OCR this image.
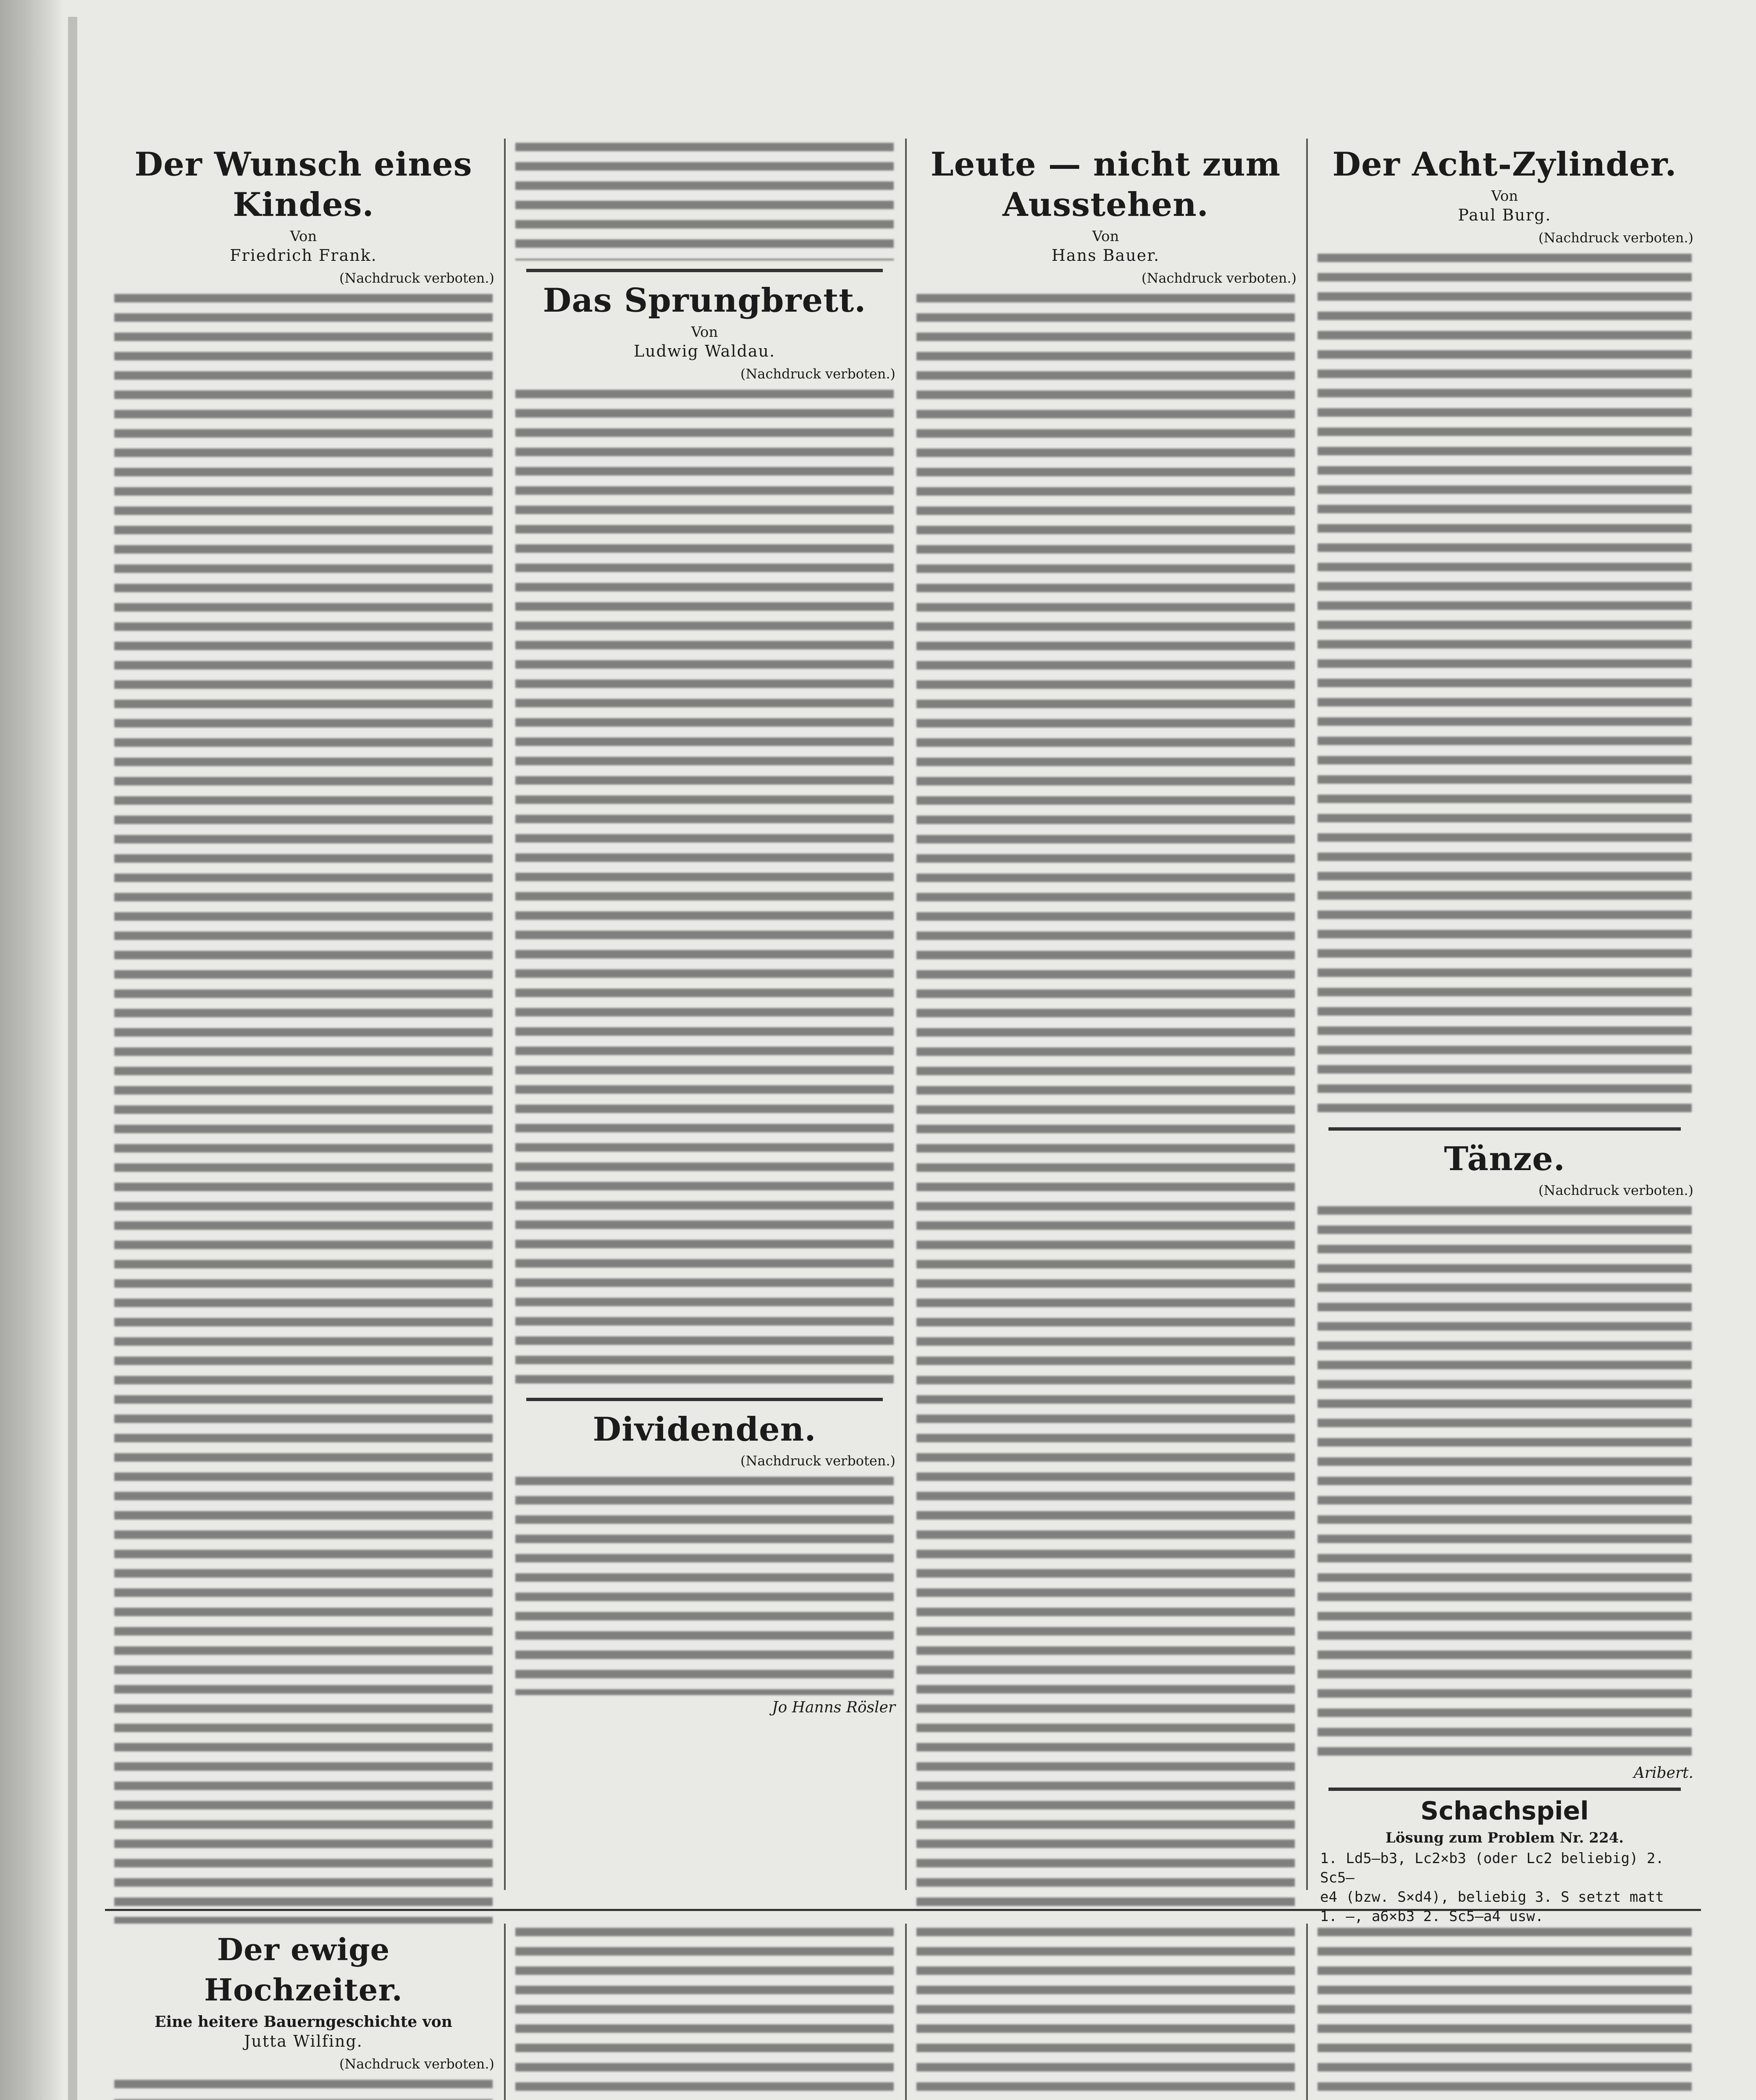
Der Wunsch eines Kindes.
Von
Friedrich Frank.
(Nachdruck verboten.)
Das Sprungbrett.
Von
Ludwig Waldau.
(Nachdruck verboten.)
Dividenden.
(Nachdruck verboten.)
Jo Hanns Rösler
Leute — nicht zum Ausstehen.
Von
Hans Bauer.
(Nachdruck verboten.)
Der Acht-Zylinder.
Von
Paul Burg.
(Nachdruck verboten.)
Tänze.
(Nachdruck verboten.)
Aribert.
Schachspiel
Lösung zum Problem Nr. 224.
1. Ld5—b3, Lc2×b3 (oder Lc2 beliebig) 2. Sc5—
e4 (bzw. S×d4), beliebig 3. S setzt matt
1. —, a6×b3 2. Sc5—a4 usw.
Der ewige Hochzeiter.
Eine heitere Bauerngeschichte von
Jutta Wilfing.
(Nachdruck verboten.)
